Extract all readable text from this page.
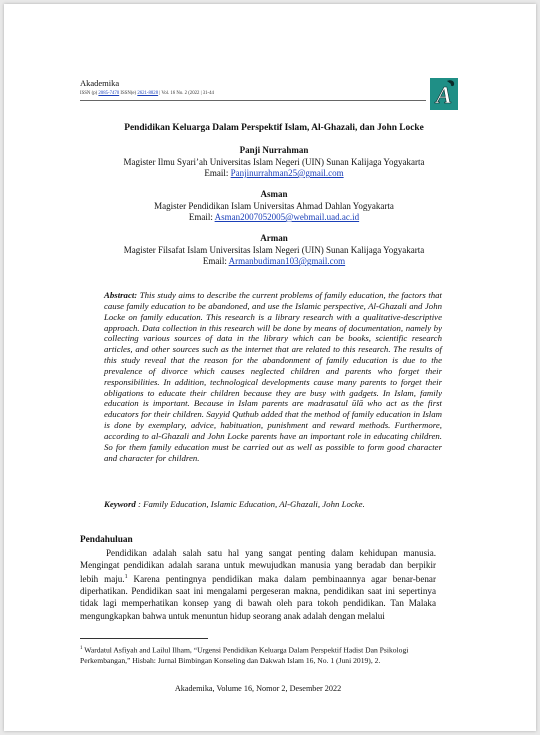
Akademika
ISSN (p) 2085-7470 ISSN(e) 2621-8828 | Vol. 16 No. 2 (2022 | 31-44	A
Pendidikan Keluarga Dalam Perspektif Islam, Al-Ghazali, dan John Locke
Panji Nurrahman
Magister Ilmu Syari’ah Universitas Islam Negeri (UIN) Sunan Kalijaga Yogyakarta
Email: Panjinurrahman25@gmail.com
Asman
Magister Pendidikan Islam Universitas Ahmad Dahlan Yogyakarta
Email: Asman2007052005@webmail.uad.ac.id
Arman
Magister Filsafat Islam Universitas Islam Negeri (UIN) Sunan Kalijaga Yogyakarta
Email: Armanbudiman103@gmail.com
Abstract: This study aims to describe the current problems of family education, the factors that cause family education to be abandoned, and use the Islamic perspective, Al-Ghazali and John Locke on family education. This research is a library research with a qualitative-descriptive approach. Data collection in this research will be done by means of documentation, namely by collecting various sources of data in the library which can be books, scientific research articles, and other sources such as the internet that are related to this research. The results of this study reveal that the reason for the abandonment of family education is due to the prevalence of divorce which causes neglected children and parents who forget their responsibilities. In addition, technological developments cause many parents to forget their obligations to educate their children because they are busy with gadgets. In Islam, family education is important. Because in Islam parents are madrasatul ūlā who act as the first educators for their children. Sayyid Quthub added that the method of family education in Islam is done by exemplary, advice, habituation, punishment and reward methods. Furthermore, according to al-Ghazali and John Locke parents have an important role in educating children. So for them family education must be carried out as well as possible to form good character and character for children.
Keyword : Family Education, Islamic Education, Al-Ghazali, John Locke.
Pendahuluan

Pendidikan adalah salah satu hal yang sangat penting dalam kehidupan manusia. Mengingat pendidikan adalah sarana untuk mewujudkan manusia yang beradab dan berpikir lebih maju.$^1$ Karena pentingnya pendidikan maka dalam pembinaannya agar benar-benar diperhatikan. Pendidikan saat ini mengalami pergeseran makna, pendidikan saat ini sepertinya tidak lagi memperhatikan konsep yang di bawah oleh para tokoh pendidikan. Tan Malaka mengungkapkan bahwa untuk menuntun hidup seorang anak adalah dengan melalui

$^1$ Wardatul Asfiyah and Lailul Ilham, “Urgensi Pendidikan Keluarga Dalam Perspektif Hadist Dan Psikologi Perkembangan,” Hisbah: Jurnal Bimbingan Konseling dan Dakwah Islam 16, No. 1 (Juni 2019), 2.
Akademika, Volume 16, Nomor 2, Desember 2022
